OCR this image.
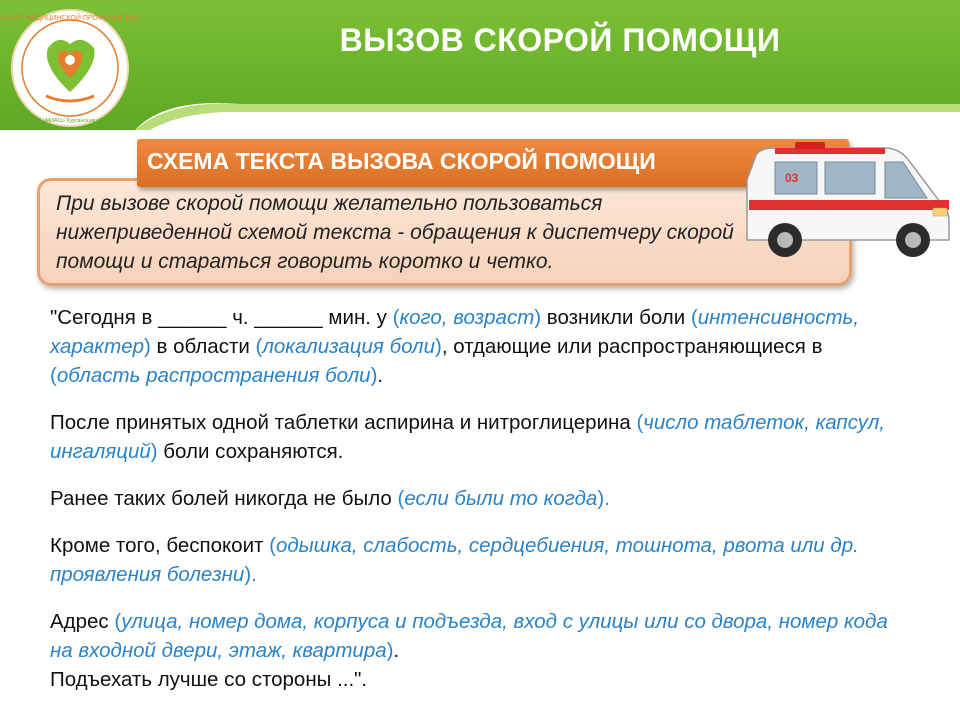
ЦЕНТР МЕДИЦИНСКОЙ ПРОФИЛАКТИКИ
ОГБУЗ «МИАЦ» Курганская область
ВЫЗОВ СКОРОЙ ПОМОЩИ
При вызове скорой помощи желательно пользоваться нижеприведенной схемой текста - обращения к диспетчеру скорой помощи и стараться говорить коротко и четко.
СХЕМА ТЕКСТА ВЫЗОВА СКОРОЙ ПОМОЩИ
03

"Сегодня в ______ ч. ______ мин. у (кого, возраст) возникли боли (интенсивность, характер) в области (локализация боли), отдающие или распространяющиеся в (область распространения боли).

После принятых одной таблетки аспирина и нитроглицерина (число таблеток, капсул, ингаляций) боли сохраняются.

Ранее таких болей никогда не было (если были то когда).

Кроме того, беспокоит (одышка, слабость, сердцебиения, тошнота, рвота или др. проявления болезни).

Адрес (улица, номер дома, корпуса и подъезда, вход с улицы или со двора, номер кода на входной двери, этаж, квартира).
Подъехать лучше со стороны ...".
